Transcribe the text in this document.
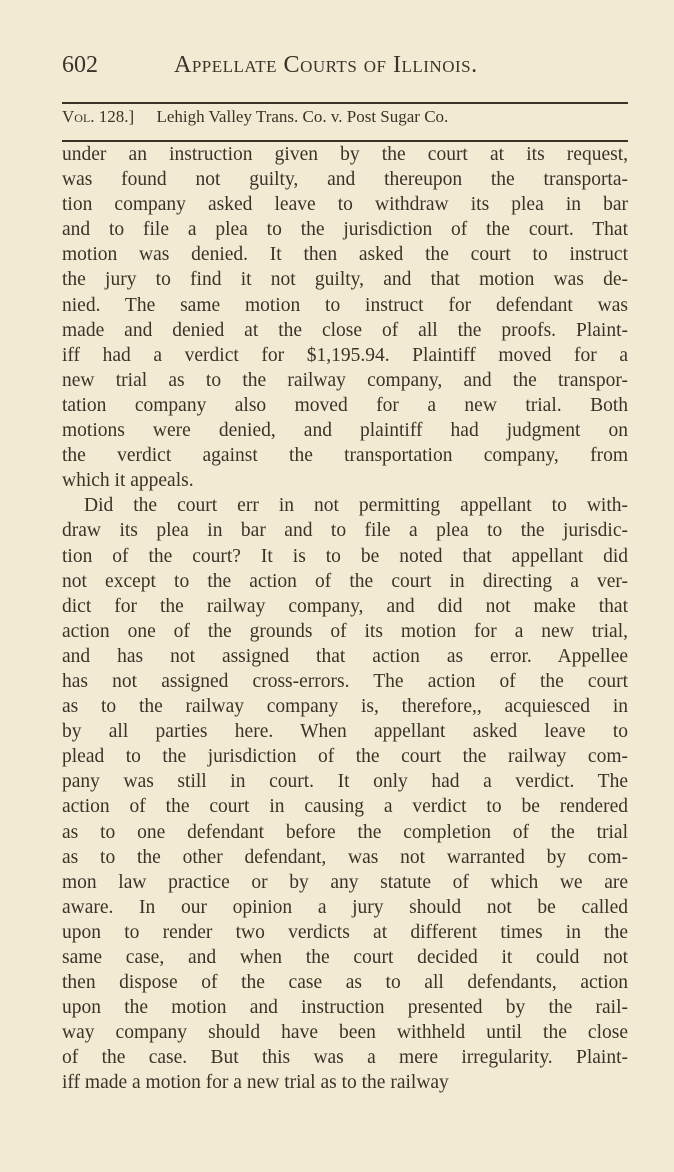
602	Appellate Courts of Illinois.
Vol. 128.] Lehigh Valley Trans. Co. v. Post Sugar Co.
under an instruction given by the court at its request,
was found not guilty, and thereupon the transporta-
tion company asked leave to withdraw its plea in bar
and to file a plea to the jurisdiction of the court. That
motion was denied. It then asked the court to instruct
the jury to find it not guilty, and that motion was de-
nied. The same motion to instruct for defendant was
made and denied at the close of all the proofs. Plaint-
iff had a verdict for $1,195.94. Plaintiff moved for a
new trial as to the railway company, and the transpor-
tation company also moved for a new trial. Both
motions were denied, and plaintiff had judgment on
the verdict against the transportation company, from
which it appeals.
Did the court err in not permitting appellant to with-
draw its plea in bar and to file a plea to the jurisdic-
tion of the court? It is to be noted that appellant did
not except to the action of the court in directing a ver-
dict for the railway company, and did not make that
action one of the grounds of its motion for a new trial,
and has not assigned that action as error. Appellee
has not assigned cross-errors. The action of the court
as to the railway company is, therefore,, acquiesced in
by all parties here. When appellant asked leave to
plead to the jurisdiction of the court the railway com-
pany was still in court. It only had a verdict. The
action of the court in causing a verdict to be rendered
as to one defendant before the completion of the trial
as to the other defendant, was not warranted by com-
mon law practice or by any statute of which we are
aware. In our opinion a jury should not be called
upon to render two verdicts at different times in the
same case, and when the court decided it could not
then dispose of the case as to all defendants, action
upon the motion and instruction presented by the rail-
way company should have been withheld until the close
of the case. But this was a mere irregularity. Plaint-
iff made a motion for a new trial as to the railway
